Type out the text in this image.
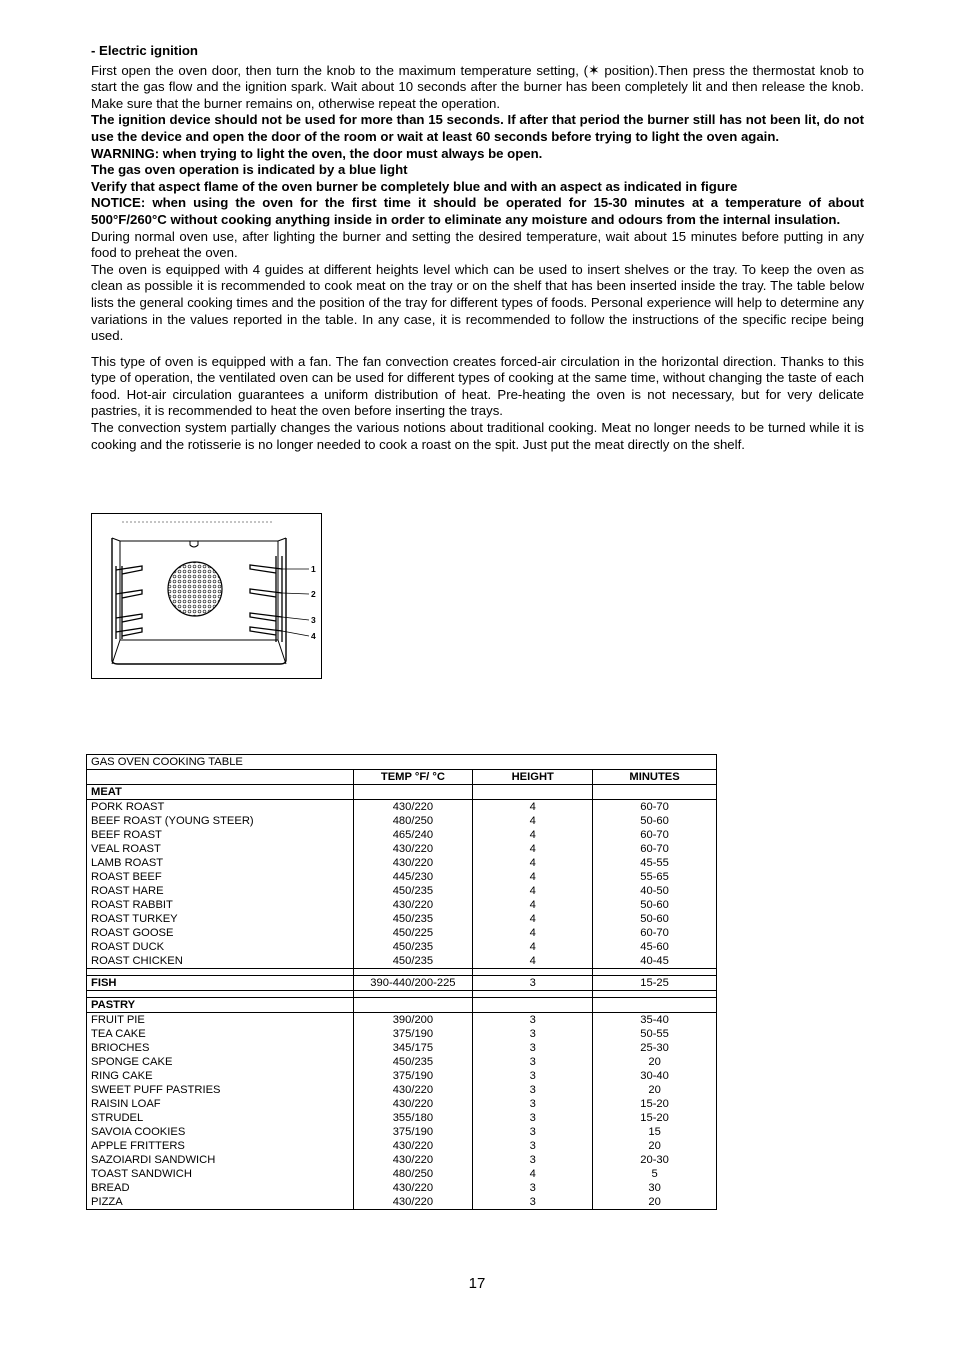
- Electric ignition

First open the oven door, then turn the knob to the maximum temperature setting, (✶ position).Then press the thermostat knob to start the gas flow and the ignition spark. Wait about 10 seconds after the burner has been completely lit and then release the knob. Make sure that the burner remains on, otherwise repeat the operation.

The ignition device should not be used for more than 15 seconds. If after that period the burner still has not been lit, do not use the device and open the door of the room or wait at least 60 seconds before trying to light the oven again.

WARNING: when trying to light the oven, the door must always be open.

The gas oven operation is indicated by a blue light

Verify that aspect flame of the oven burner be completely blue and with an aspect as indicated in figure

NOTICE: when using the oven for the first time it should be operated for 15-30 minutes at a temperature of about 500°F/260°C without cooking anything inside in order to eliminate any moisture and odours from the internal insulation.

During normal oven use, after lighting the burner and setting the desired temperature, wait about 15 minutes before putting in any food to preheat the oven.

The oven is equipped with 4 guides at different heights level which can be used to insert shelves or the tray. To keep the oven as clean as possible it is recommended to cook meat on the tray or on the shelf that has been inserted inside the tray. The table below lists the general cooking times and the position of the tray for different types of foods. Personal experience will help to determine any variations in the values reported in the table. In any case, it is recommended to follow the instructions of the specific recipe being used.

This type of oven is equipped with a fan. The fan convection creates forced-air circulation in the horizontal direction. Thanks to this type of operation, the ventilated oven can be used for different types of cooking at the same time, without changing the taste of each food. Hot-air circulation guarantees a uniform distribution of heat. Pre-heating the oven is not necessary, but for very delicate pastries, it is recommended to heat the oven before inserting the trays.

The convection system partially changes the various notions about traditional cooking. Meat no longer needs to be turned while it is cooking and the rotisserie is no longer needed to cook a roast on the spit. Just put the meat directly on the shelf.

1
2
3
4
GAS OVEN COOKING TABLE			
	TEMP °F/ °C	HEIGHT	MINUTES
MEAT			
PORK ROAST	430/220	4	60-70
BEEF ROAST (YOUNG STEER)	480/250	4	50-60
BEEF ROAST	465/240	4	60-70
VEAL ROAST	430/220	4	60-70
LAMB ROAST	430/220	4	45-55
ROAST BEEF	445/230	4	55-65
ROAST HARE	450/235	4	40-50
ROAST RABBIT	430/220	4	50-60
ROAST TURKEY	450/235	4	50-60
ROAST GOOSE	450/225	4	60-70
ROAST DUCK	450/235	4	45-60
ROAST CHICKEN	450/235	4	40-45

FISH	390-440/200-225	3	15-25

PASTRY			
FRUIT PIE	390/200	3	35-40
TEA CAKE	375/190	3	50-55
BRIOCHES	345/175	3	25-30
SPONGE CAKE	450/235	3	20
RING CAKE	375/190	3	30-40
SWEET PUFF PASTRIES	430/220	3	20
RAISIN LOAF	430/220	3	15-20
STRUDEL	355/180	3	15-20
SAVOIA COOKIES	375/190	3	15
APPLE FRITTERS	430/220	3	20
SAZOIARDI SANDWICH	430/220	3	20-30
TOAST SANDWICH	480/250	4	5
BREAD	430/220	3	30
PIZZA	430/220	3	20
17
